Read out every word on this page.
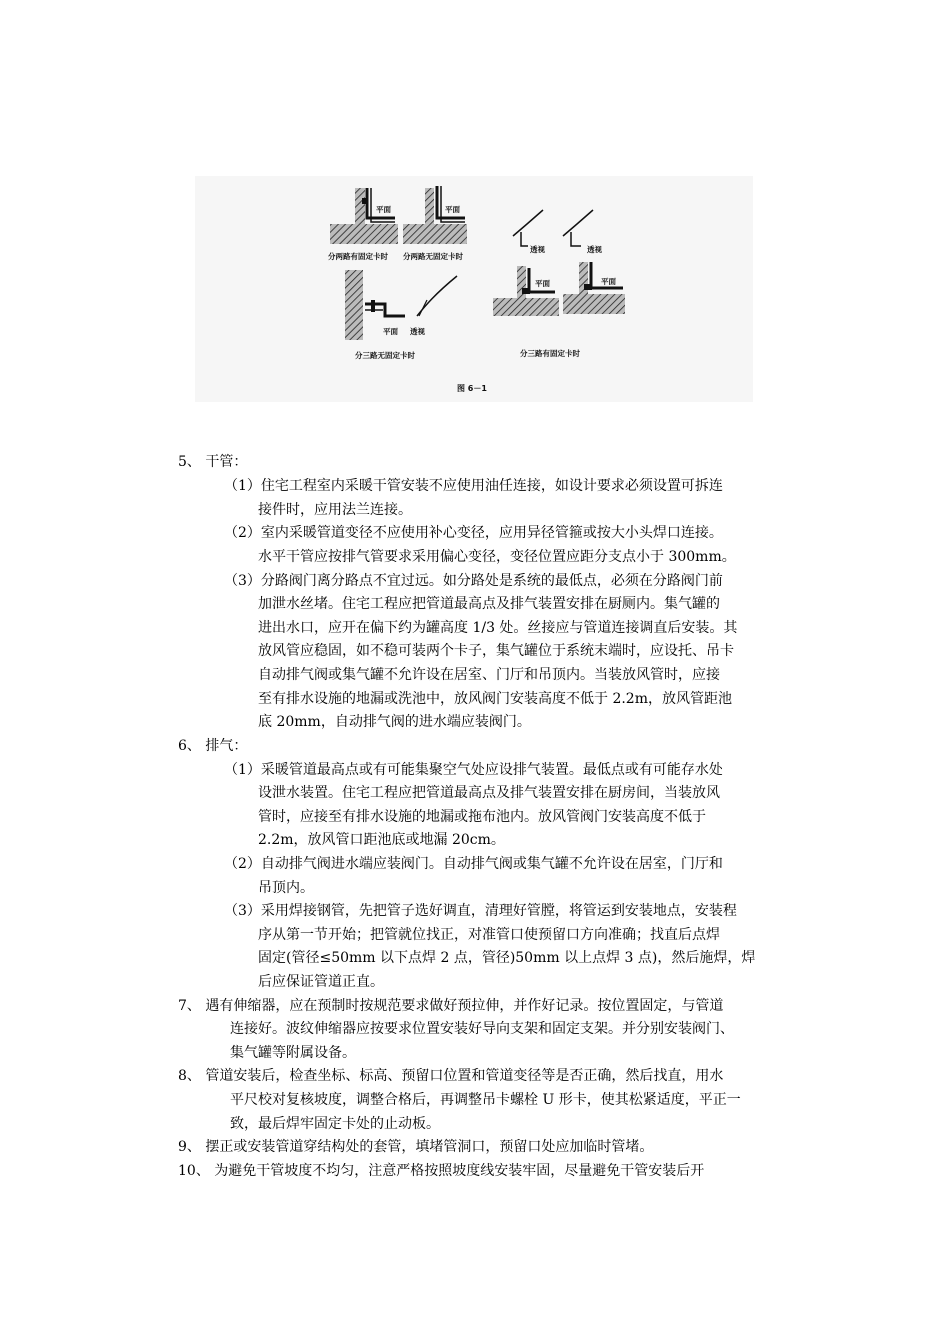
平面
分两路有固定卡时
平面
分两路无固定卡时
透视	透视
平面 透视
分三路无固定卡时
平面	平面
分三路有固定卡时
图 6－1
5、 干管：
（1）住宅工程室内采暖干管安装不应使用油任连接，如设计要求必须设置可拆连
接件时，应用法兰连接。
（2）室内采暖管道变径不应使用补心变径，应用异径管箍或按大小头焊口连接。
水平干管应按排气管要求采用偏心变径，变径位置应距分支点小于 300mm。
（3）分路阀门离分路点不宜过远。如分路处是系统的最低点，必须在分路阀门前
加泄水丝堵。住宅工程应把管道最高点及排气装置安排在厨厕内。集气罐的
进出水口，应开在偏下约为罐高度 1/3 处。丝接应与管道连接调直后安装。其
放风管应稳固，如不稳可装两个卡子，集气罐位于系统末端时，应设托、吊卡
自动排气阀或集气罐不允许设在居室、门厅和吊顶内。当装放风管时，应接
至有排水设施的地漏或洗池中，放风阀门安装高度不低于 2.2m，放风管距池
底 20mm，自动排气阀的进水端应装阀门。
6、 排气：
（1）采暖管道最高点或有可能集聚空气处应设排气装置。最低点或有可能存水处
设泄水装置。住宅工程应把管道最高点及排气装置安排在厨房间，当装放风
管时，应接至有排水设施的地漏或拖布池内。放风管阀门安装高度不低于
2.2m，放风管口距池底或地漏 20cm。
（2）自动排气阀进水端应装阀门。自动排气阀或集气罐不允许设在居室，门厅和
吊顶内。
（3）采用焊接钢管，先把管子选好调直，清理好管膛，将管运到安装地点，安装程
序从第一节开始；把管就位找正，对准管口使预留口方向准确；找直后点焊
固定(管径≤50mm 以下点焊 2 点，管径)50mm 以上点焊 3 点)，然后施焊，焊
后应保证管道正直。
7、 遇有伸缩器，应在预制时按规范要求做好预拉伸，并作好记录。按位置固定，与管道
连接好。波纹伸缩器应按要求位置安装好导向支架和固定支架。并分别安装阀门、
集气罐等附属设备。
8、 管道安装后，检查坐标、标高、预留口位置和管道变径等是否正确，然后找直，用水
平尺校对复核坡度，调整合格后，再调整吊卡螺栓 U 形卡，使其松紧适度，平正一
致，最后焊牢固定卡处的止动板。
9、 摆正或安装管道穿结构处的套管，填堵管洞口，预留口处应加临时管堵。
10、 为避免干管坡度不均匀，注意严格按照坡度线安装牢固，尽量避免干管安装后开
